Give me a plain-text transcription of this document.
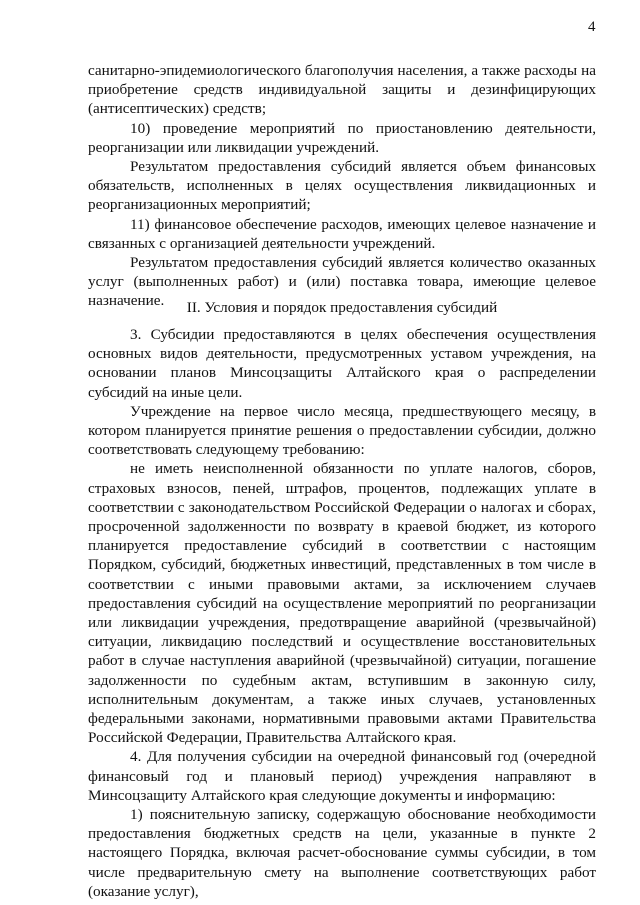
4

санитарно-эпидемиологического благополучия населения, а также расходы на приобретение средств индивидуальной защиты и дезинфицирующих (антисептических) средств;

10) проведение мероприятий по приостановлению деятельности, реорганизации или ликвидации учреждений.

Результатом предоставления субсидий является объем финансовых обязательств, исполненных в целях осуществления ликвидационных и реорганизационных мероприятий;

11) финансовое обеспечение расходов, имеющих целевое назначение и связанных с организацией деятельности учреждений.

Результатом предоставления субсидий является количество оказанных услуг (выполненных работ) и (или) поставка товара, имеющие целевое назначение.	II. Условия и порядок предоставления субсидий

3. Субсидии предоставляются в целях обеспечения осуществления основных видов деятельности, предусмотренных уставом учреждения, на основании планов Минсоцзащиты Алтайского края о распределении субсидий на иные цели.

Учреждение на первое число месяца, предшествующего месяцу, в котором планируется принятие решения о предоставлении субсидии, должно соответствовать следующему требованию:

не иметь неисполненной обязанности по уплате налогов, сборов, страховых взносов, пеней, штрафов, процентов, подлежащих уплате в соответствии с законодательством Российской Федерации о налогах и сборах, просроченной задолженности по возврату в краевой бюджет, из которого планируется предоставление субсидий в соответствии с настоящим Порядком, субсидий, бюджетных инвестиций, представленных в том числе в соответствии с иными правовыми актами, за исключением случаев предоставления субсидий на осуществление мероприятий по реорганизации или ликвидации учреждения, предотвращение аварийной (чрезвычайной) ситуации, ликвидацию последствий и осуществление восстановительных работ в случае наступления аварийной (чрезвычайной) ситуации, погашение задолженности по судебным актам, вступившим в законную силу, исполнительным документам, а также иных случаев, установленных федеральными законами, нормативными правовыми актами Правительства Российской Федерации, Правительства Алтайского края.

4. Для получения субсидии на очередной финансовый год (очередной финансовый год и плановый период) учреждения направляют в Минсоцзащиту Алтайского края следующие документы и информацию:

1) пояснительную записку, содержащую обоснование необходимости предоставления бюджетных средств на цели, указанные в пункте 2 настоящего Порядка, включая расчет-обоснование суммы субсидии, в том числе предварительную смету на выполнение соответствующих работ (оказание услуг),
